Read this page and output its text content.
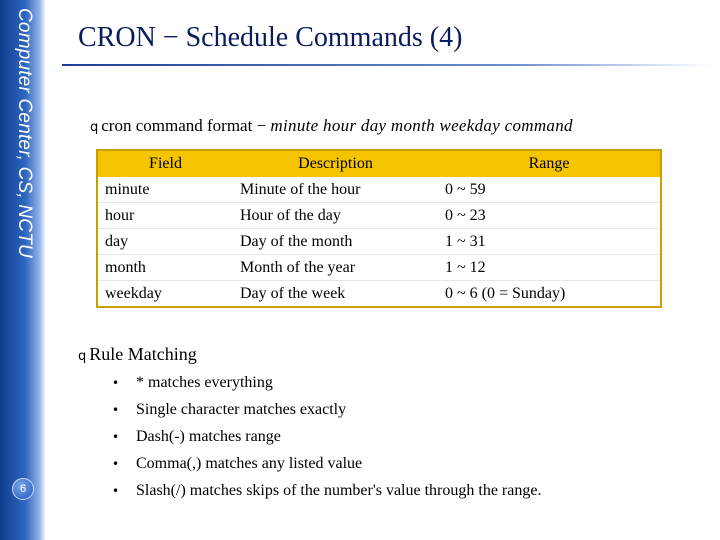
Computer Center, CS, NCTU
6
CRON − Schedule Commands (4)
q cron command format − minute hour day month weekday command
Field	Description	Range
minute	Minute of the hour	0 ~ 59
hour	Hour of the day	0 ~ 23
day	Day of the month	1 ~ 31
month	Month of the year	1 ~ 12
weekday	Day of the week	0 ~ 6 (0 = Sunday)
q Rule Matching
• * matches everything
• Single character matches exactly
• Dash(-) matches range
• Comma(,) matches any listed value
• Slash(/) matches skips of the number's value through the range.
